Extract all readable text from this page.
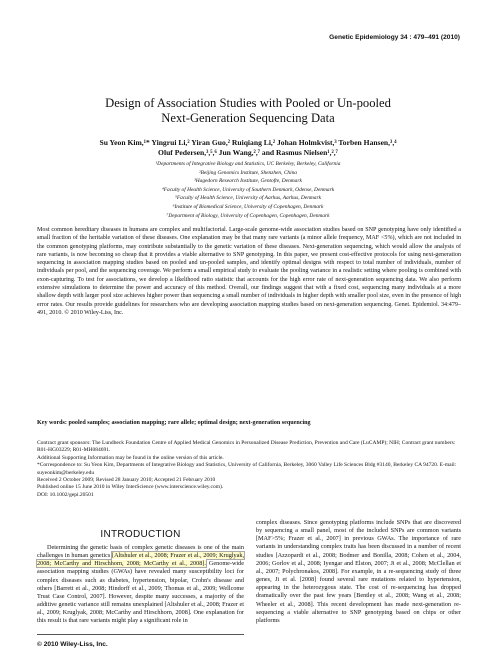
Genetic Epidemiology 34 : 479–491 (2010)
Design of Association Studies with Pooled or Un-pooled
Next-Generation Sequencing Data
Su Yeon Kim,¹* Yingrui Li,² Yiran Guo,² Ruiqiang Li,² Johan Holmkvist,³ Torben Hansen,³,⁴
Oluf Pedersen,³,⁵,⁶ Jun Wang,²,⁷ and Rasmus Nielsen¹,²,⁷
¹Departments of Integrative Biology and Statistics, UC Berkeley, Berkeley, California
²Beijing Genomics Institute, Shenzhen, China
³Hagedorn Research Institute, Gentofte, Denmark
⁴Faculty of Health Science, University of Southern Denmark, Odense, Denmark
⁵Faculty of Health Science, University of Aarhus, Aarhus, Denmark
⁶Institute of Biomedical Science, University of Copenhagen, Denmark
⁷Department of Biology, University of Copenhagen, Copenhagen, Denmark

Most common hereditary diseases in humans are complex and multifactorial. Large-scale genome-wide association studies based on SNP genotyping have only identified a small fraction of the heritable variation of these diseases. One explanation may be that many rare variants (a minor allele frequency, MAF <5%), which are not included in the common genotyping platforms, may contribute substantially to the genetic variation of these diseases. Next-generation sequencing, which would allow the analysis of rare variants, is now becoming so cheap that it provides a viable alternative to SNP genotyping. In this paper, we present cost-effective protocols for using next-generation sequencing in association mapping studies based on pooled and un-pooled samples, and identify optimal designs with respect to total number of individuals, number of individuals per pool, and the sequencing coverage. We perform a small empirical study to evaluate the pooling variance in a realistic setting where pooling is combined with exon-capturing. To test for associations, we develop a likelihood ratio statistic that accounts for the high error rate of next-generation sequencing data. We also perform extensive simulations to determine the power and accuracy of this method. Overall, our findings suggest that with a fixed cost, sequencing many individuals at a more shallow depth with larger pool size achieves higher power than sequencing a small number of individuals in higher depth with smaller pool size, even in the presence of high error rates. Our results provide guidelines for researchers who are developing association mapping studies based on next-generation sequencing. Genet. Epidemiol. 34:479–491, 2010. © 2010 Wiley-Liss, Inc.

Key words: pooled samples; association mapping; rare allele; optimal design; next-generation sequencing
Contract grant sponsors: The Lundbeck Foundation Centre of Applied Medical Genomics in Personalized Disease Prediction, Prevention and Care (LuCAMP); NIH; Contract grant numbers: R01-HG03229; R01-MH084691.
Additional Supporting Information may be found in the online version of this article.
*Correspondence to: Su Yeon Kim, Departments of Integrative Biology and Statistics, University of California, Berkeley, 3060 Valley Life Sciences Bldg #3140, Berkeley CA 94720. E-mail: suyeonkim@berkeley.edu
Received 2 October 2009; Revised 28 January 2010; Accepted 21 February 2010
Published online 15 June 2010 in Wiley InterScience (www.interscience.wiley.com).
DOI: 10.1002/gepi.20501
INTRODUCTION

Determining the genetic basis of complex genetic diseases is one of the main challenges in human genetics [Altshuler et al., 2008; Frazer et al., 2009; Kruglyak, 2008; McCarthy and Hirschhorn, 2008; McCarthy et al., 2008]. Genome-wide association mapping studies (GWAs) have revealed many susceptibility loci for complex diseases such as diabetes, hypertension, bipolar, Crohn's disease and others [Barrett et al., 2008; Hindorff et al., 2009; Thomas et al., 2009; Wellcome Trust Case Control, 2007]. However, despite many successes, a majority of the additive genetic variance still remains unexplained [Altshuler et al., 2008; Frazer et al., 2009; Kruglyak, 2008; McCarthy and Hirschhorn, 2008]. One explanation for this result is that rare variants might play a significant role in

complex diseases. Since genotyping platforms include SNPs that are discovered by sequencing a small panel, most of the included SNPs are common variants [MAF>5%; Frazer et al., 2007] in previous GWAs. The importance of rare variants in understanding complex traits has been discussed in a number of recent studies [Azzopardi et al., 2008; Bodmer and Bonilla, 2008; Cohen et al., 2004, 2006; Gorlov et al., 2008; Iyengar and Elston, 2007; Ji et al., 2008; McClellan et al., 2007; Polychronakos, 2008]. For example, in a re-sequencing study of three genes, Ji et al. [2008] found several rare mutations related to hypertension, appearing in the heterozygous state. The cost of re-sequencing has dropped dramatically over the past few years [Bentley et al., 2008; Wang et al., 2008; Wheeler et al., 2008]. This recent development has made next-generation re-sequencing a viable alternative to SNP genotyping based on chips or other platforms

© 2010 Wiley-Liss, Inc.
